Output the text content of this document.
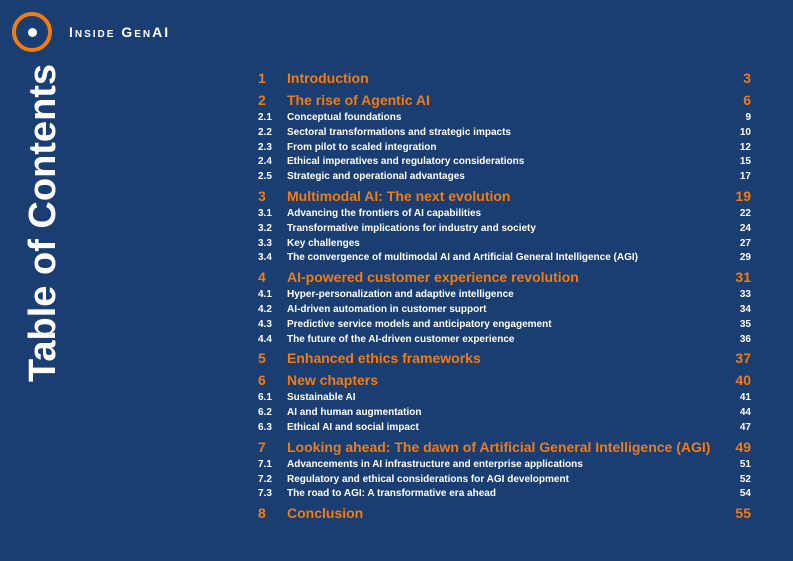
Inside GenAI
Table of Contents	1	Introduction	3
2	The rise of Agentic AI	6
2.1	Conceptual foundations	9
2.2	Sectoral transformations and strategic impacts	10
2.3	From pilot to scaled integration	12
2.4	Ethical imperatives and regulatory considerations	15
2.5	Strategic and operational advantages	17
3	Multimodal AI: The next evolution	19
3.1	Advancing the frontiers of AI capabilities	22
3.2	Transformative implications for industry and society	24
3.3	Key challenges	27
3.4	The convergence of multimodal AI and Artificial General Intelligence (AGI)	29
4	AI-powered customer experience revolution	31
4.1	Hyper-personalization and adaptive intelligence	33
4.2	AI-driven automation in customer support	34
4.3	Predictive service models and anticipatory engagement	35
4.4	The future of the AI-driven customer experience	36
5	Enhanced ethics frameworks	37
6	New chapters	40
6.1	Sustainable AI	41
6.2	AI and human augmentation	44
6.3	Ethical AI and social impact	47
7	Looking ahead: The dawn of Artificial General Intelligence (AGI)	49
7.1	Advancements in AI infrastructure and enterprise applications	51
7.2	Regulatory and ethical considerations for AGI development	52
7.3	The road to AGI: A transformative era ahead	54
8	Conclusion	55
